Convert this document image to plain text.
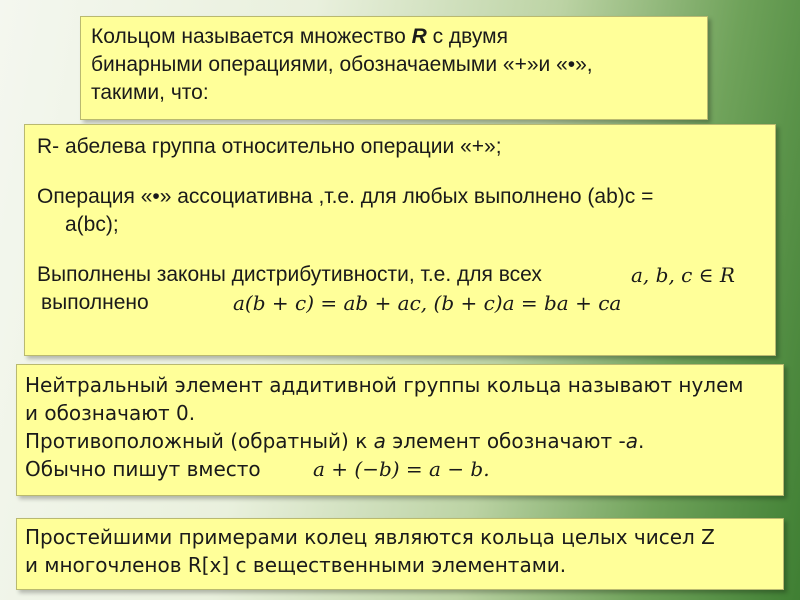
Кольцом называется множество R с двумя
бинарными операциями, обозначаемыми «+»и «•»,
такими, что:
R- абелева группа относительно операции «+»;
Операция «•» ассоциативна ,т.е. для любых выполнено (ab)c =
a(bc);
Выполнены законы дистрибутивности, т.е. для всех	a, b, c ∈ R
выполнено	a(b + c) = ab + ac, (b + c)a = ba + ca
Нейтральный элемент аддитивной группы кольца называют нулем
и обозначают 0.
Противоположный (обратный) к а элемент обозначают -а.
Обычно пишут вместо	a + (−b) = a − b.
Простейшими примерами колец являются кольца целых чисел Z
и многочленов R[x] с вещественными элементами.
